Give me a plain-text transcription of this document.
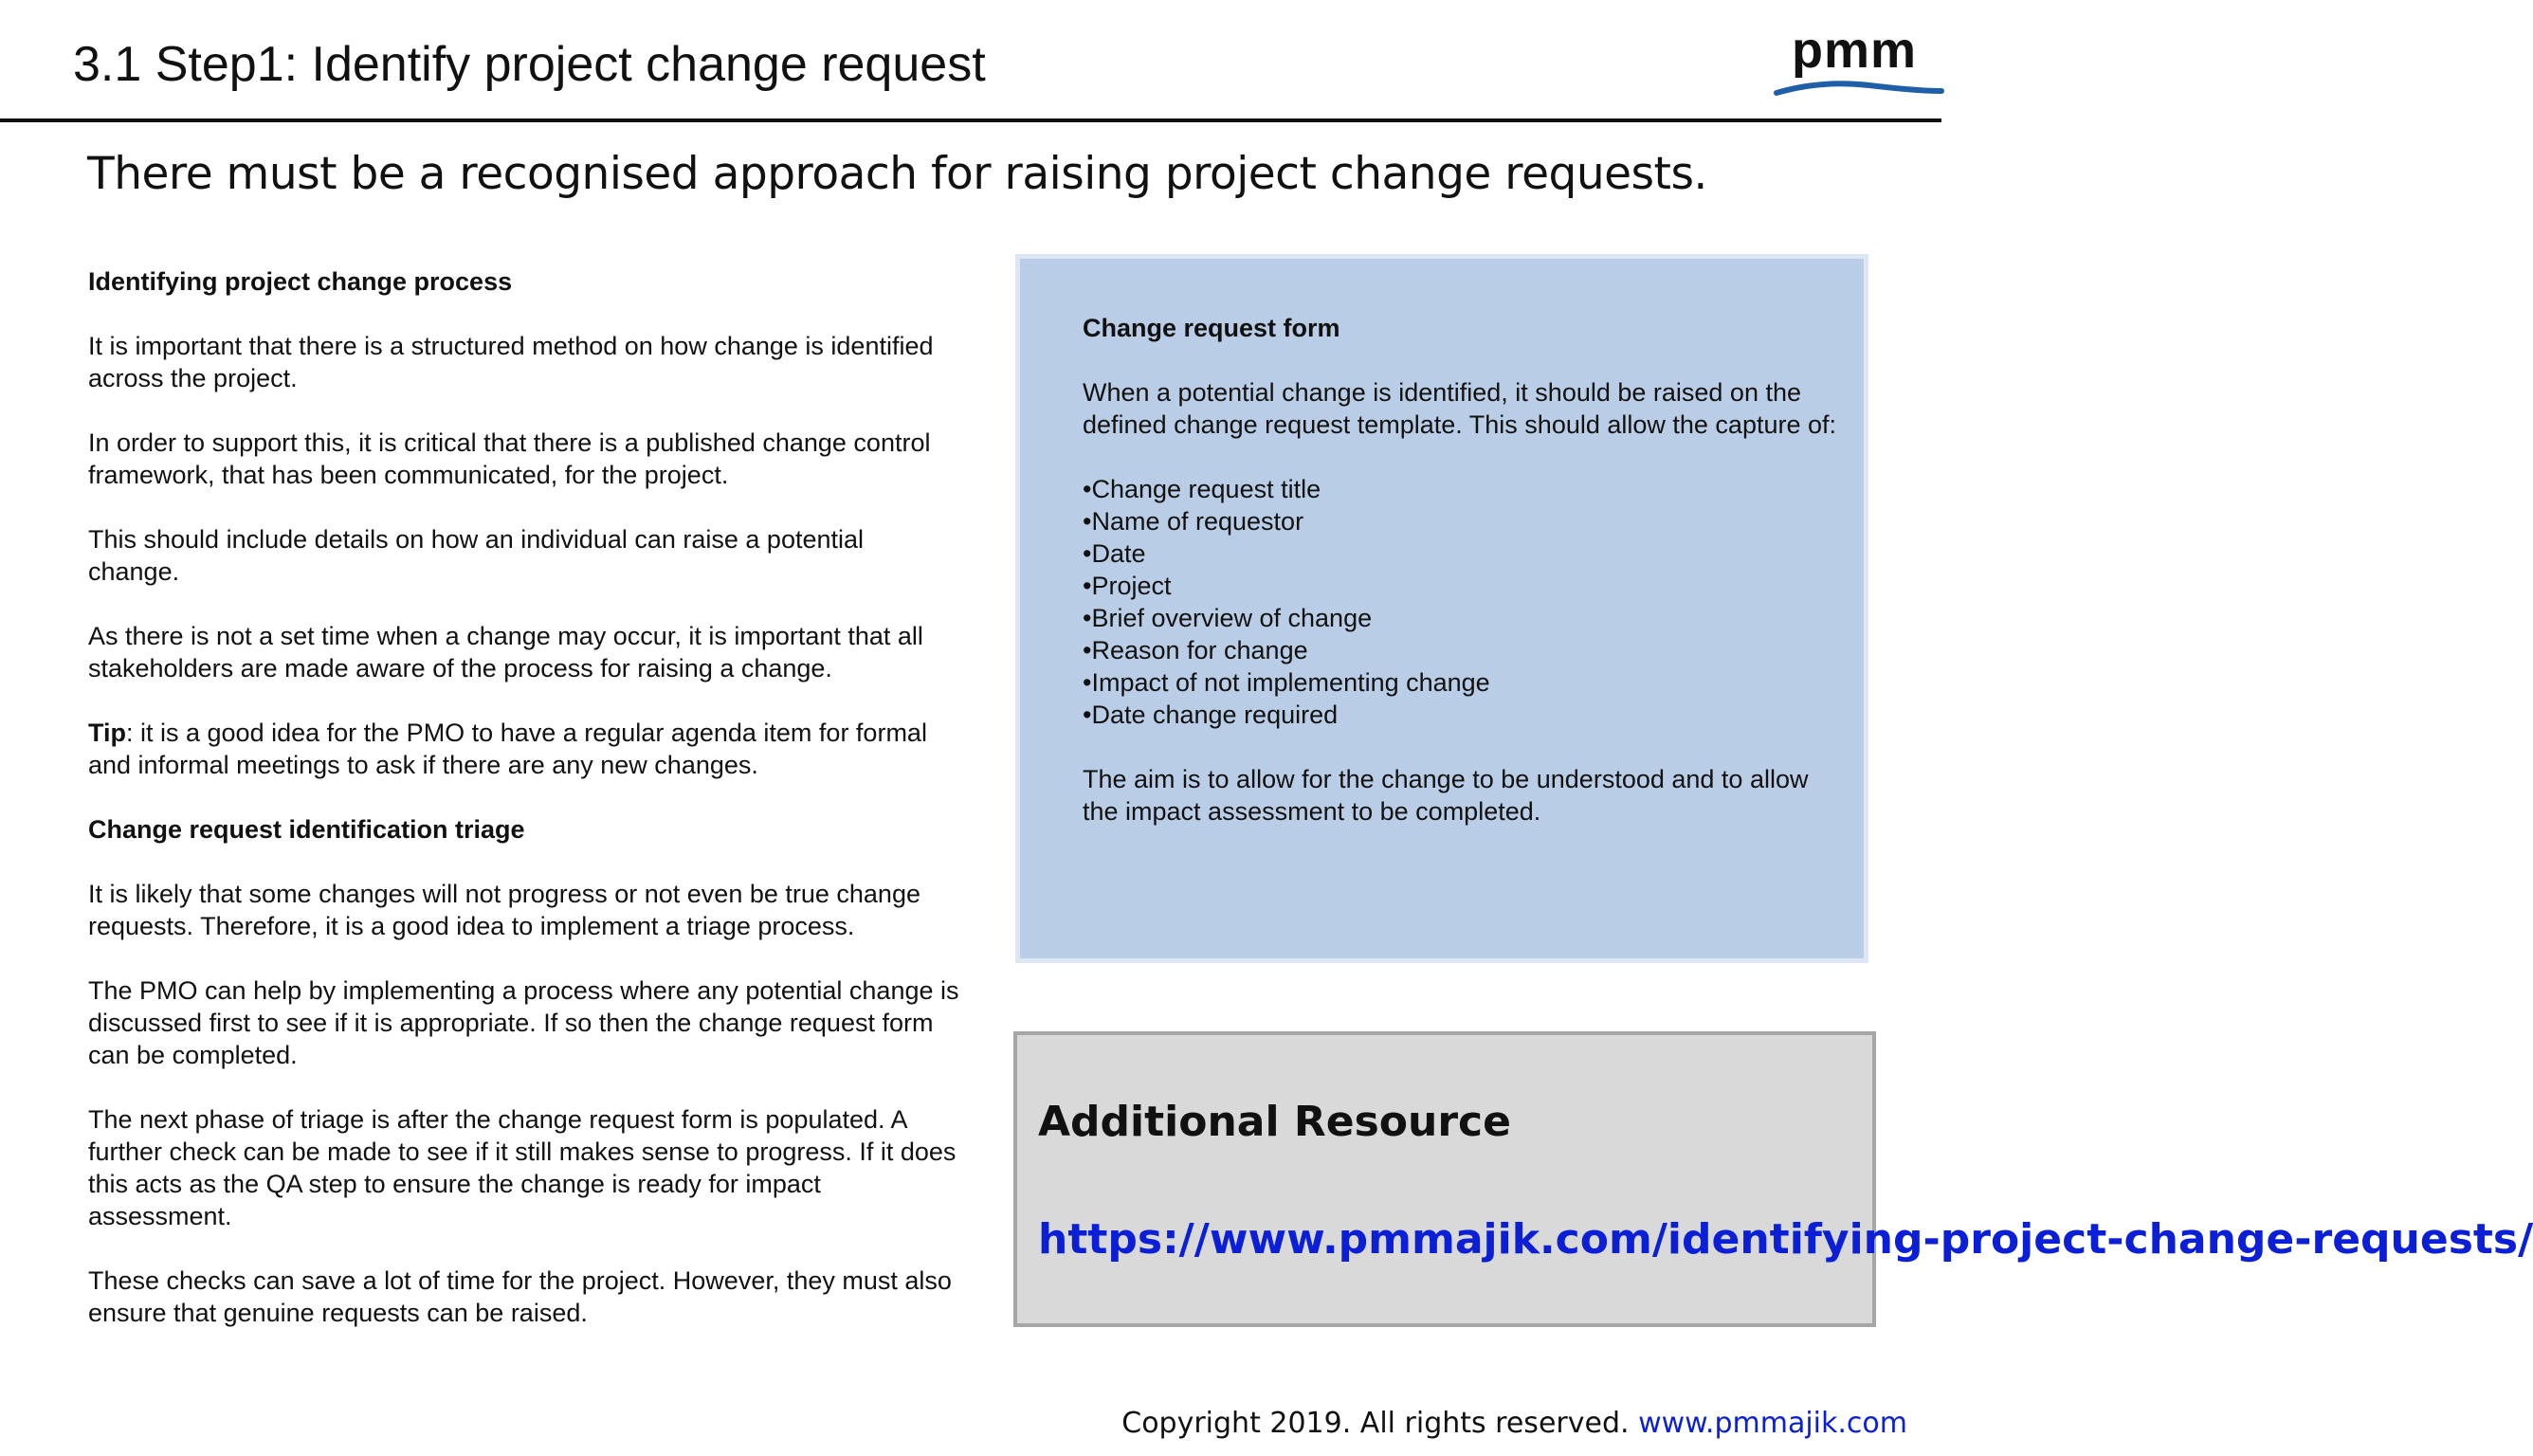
3.1 Step1: Identify project change request	pmm
There must be a recognised approach for raising project change requests.

Identifying project change process

It is important that there is a structured method on how change is identified across the project.

In order to support this, it is critical that there is a published change control framework, that has been communicated, for the project.

This should include details on how an individual can raise a potential change.

As there is not a set time when a change may occur, it is important that all stakeholders are made aware of the process for raising a change.

Tip: it is a good idea for the PMO to have a regular agenda item for formal and informal meetings to ask if there are any new changes.

Change request identification triage

It is likely that some changes will not progress or not even be true change requests. Therefore, it is a good idea to implement a triage process.

The PMO can help by implementing a process where any potential change is discussed first to see if it is appropriate. If so then the change request form can be completed.

The next phase of triage is after the change request form is populated. A further check can be made to see if it still makes sense to progress. If it does this acts as the QA step to ensure the change is ready for impact assessment.

These checks can save a lot of time for the project. However, they must also ensure that genuine requests can be raised.

Change request form

When a potential change is identified, it should be raised on the defined change request template. This should allow the capture of:

• Change request title
• Name of requestor
• Date
• Project
• Brief overview of change
• Reason for change
• Impact of not implementing change
• Date change required

The aim is to allow for the change to be understood and to allow the impact assessment to be completed.

Additional Resource
https://www.pmmajik.com/identifying-project-change-requests/
Copyright 2019. All rights reserved. www.pmmajik.com
